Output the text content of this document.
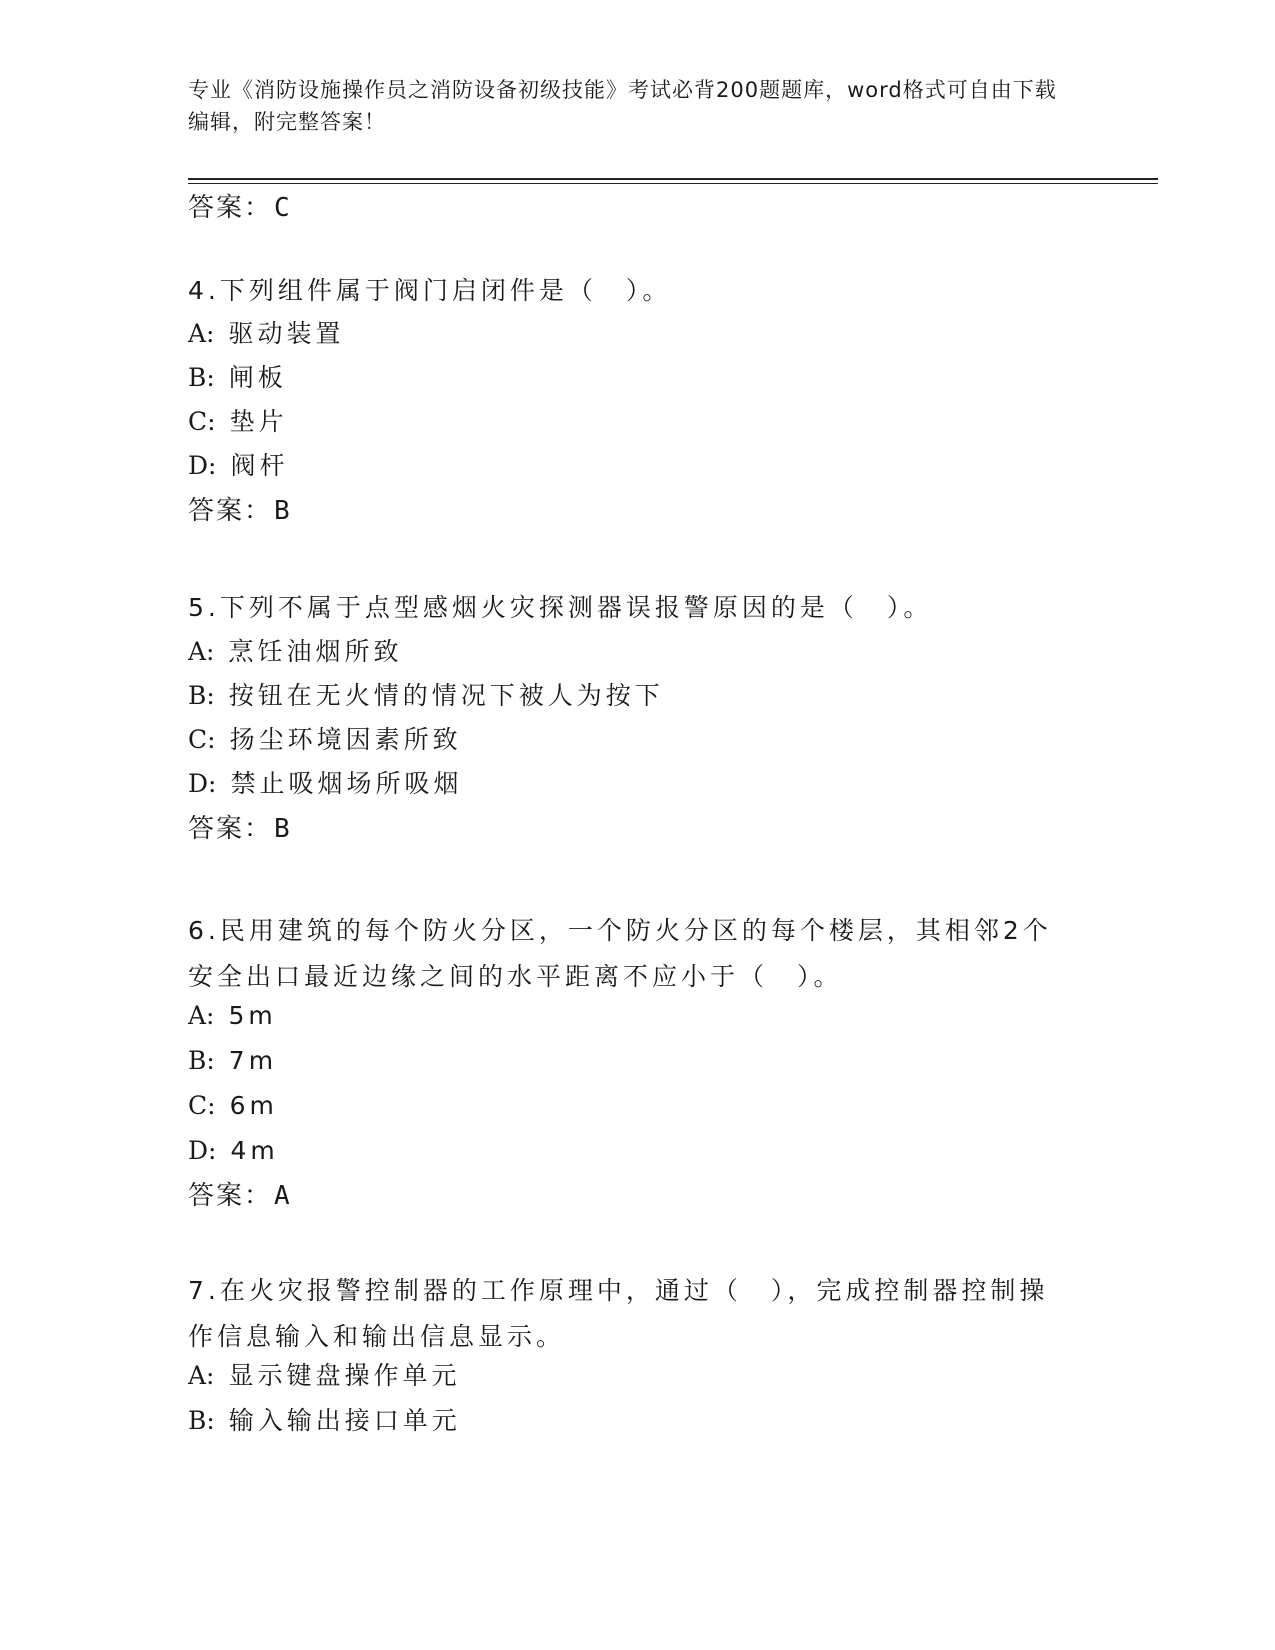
专业《消防设施操作员之消防设备初级技能》考试必背200题题库，word格式可自由下载编辑，附完整答案！
答案：C
4.下列组件属于阀门启闭件是（　）。
A: 驱动装置
B: 闸板
C: 垫片
D: 阀杆
答案：B
5.下列不属于点型感烟火灾探测器误报警原因的是（　）。
A: 烹饪油烟所致
B: 按钮在无火情的情况下被人为按下
C: 扬尘环境因素所致
D: 禁止吸烟场所吸烟
答案：B
6.民用建筑的每个防火分区，一个防火分区的每个楼层，其相邻2个安全出口最近边缘之间的水平距离不应小于（　）。
A: 5m
B: 7m
C: 6m
D: 4m
答案：A
7.在火灾报警控制器的工作原理中，通过（　），完成控制器控制操作信息输入和输出信息显示。
A: 显示键盘操作单元
B: 输入输出接口单元
